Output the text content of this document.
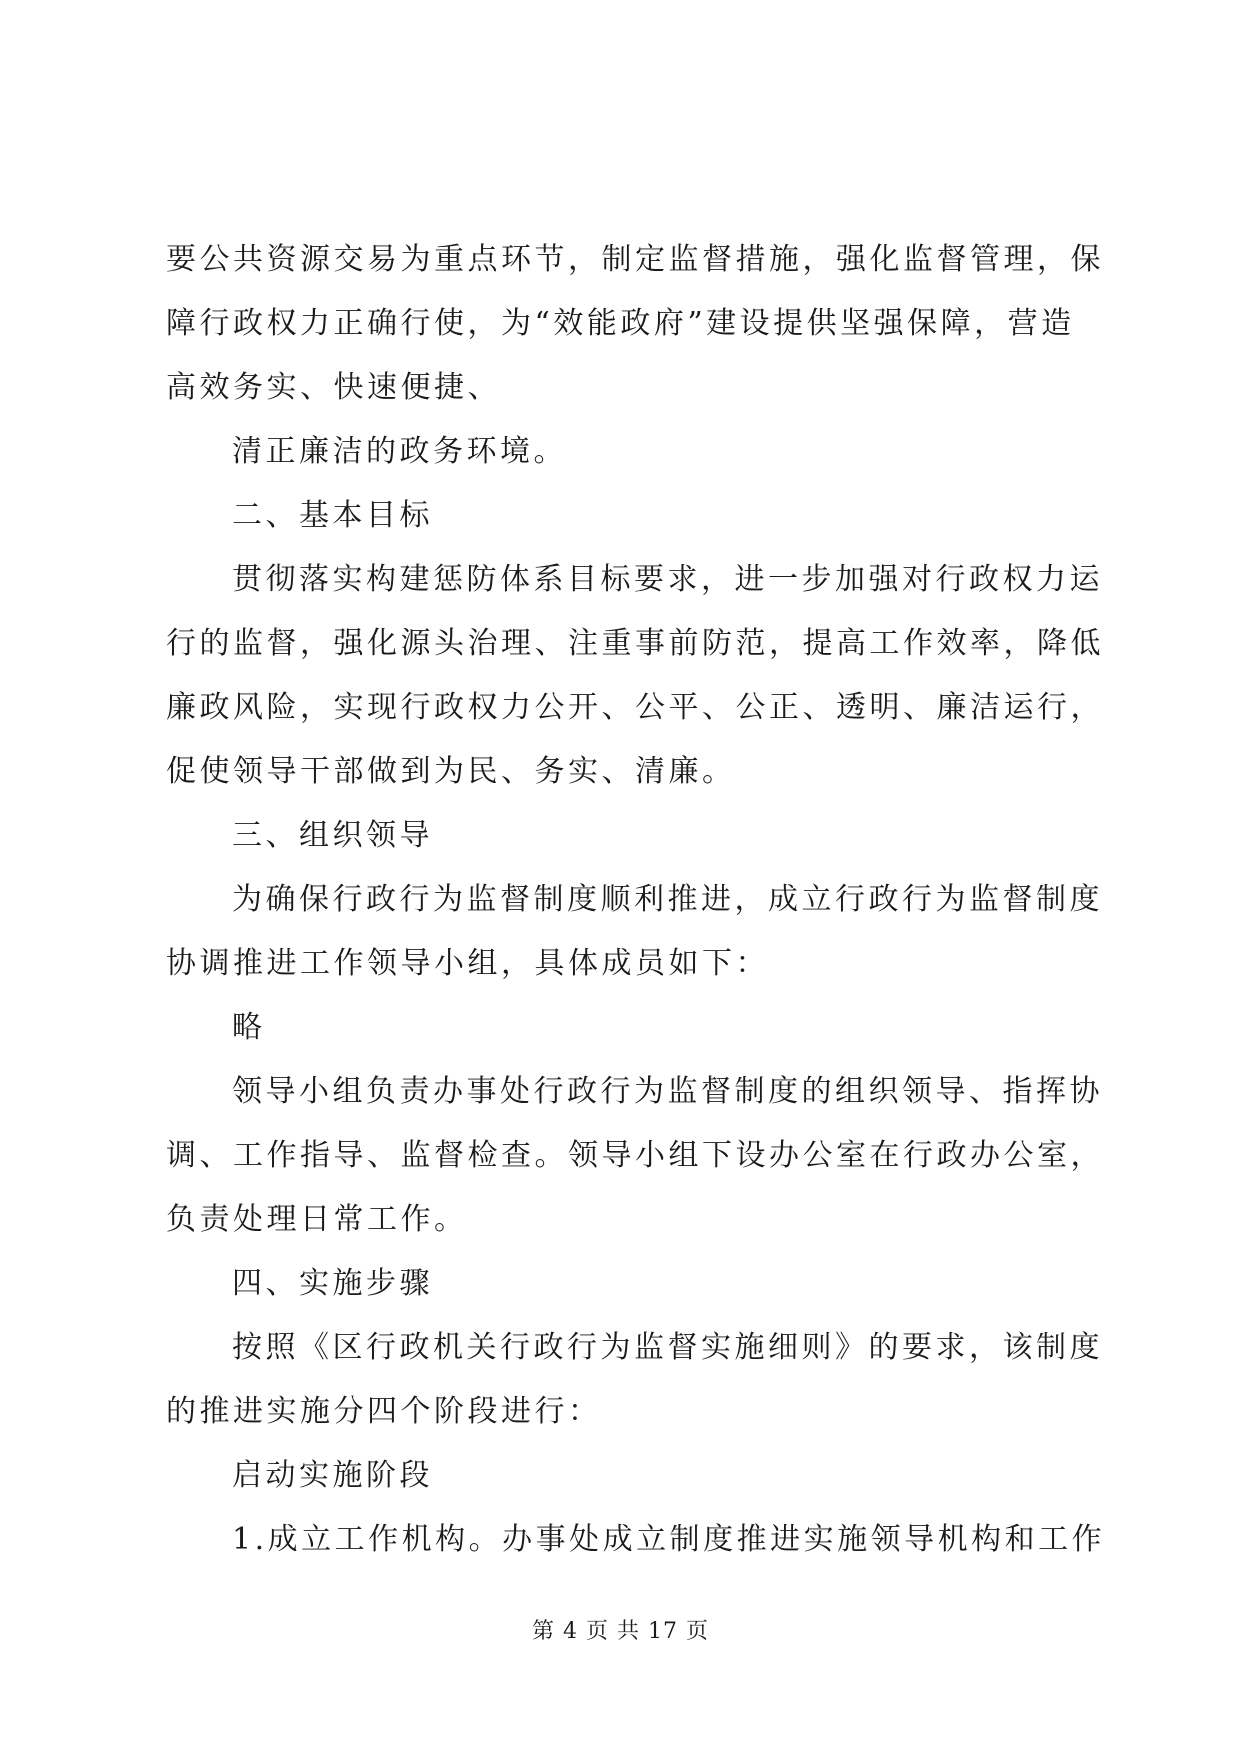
要公共资源交易为重点环节，制定监督措施，强化监督管理，保
障行政权力正确行使，为“效能政府”建设提供坚强保障，营造
高效务实、快速便捷、
清正廉洁的政务环境。
二、基本目标
贯彻落实构建惩防体系目标要求，进一步加强对行政权力运
行的监督，强化源头治理、注重事前防范，提高工作效率，降低
廉政风险，实现行政权力公开、公平、公正、透明、廉洁运行，
促使领导干部做到为民、务实、清廉。
三、组织领导
为确保行政行为监督制度顺利推进，成立行政行为监督制度
协调推进工作领导小组，具体成员如下：
略
领导小组负责办事处行政行为监督制度的组织领导、指挥协
调、工作指导、监督检查。领导小组下设办公室在行政办公室，
负责处理日常工作。
四、实施步骤
按照《区行政机关行政行为监督实施细则》的要求，该制度
的推进实施分四个阶段进行：
启动实施阶段
1.成立工作机构。办事处成立制度推进实施领导机构和工作
第 4 页 共 17 页
